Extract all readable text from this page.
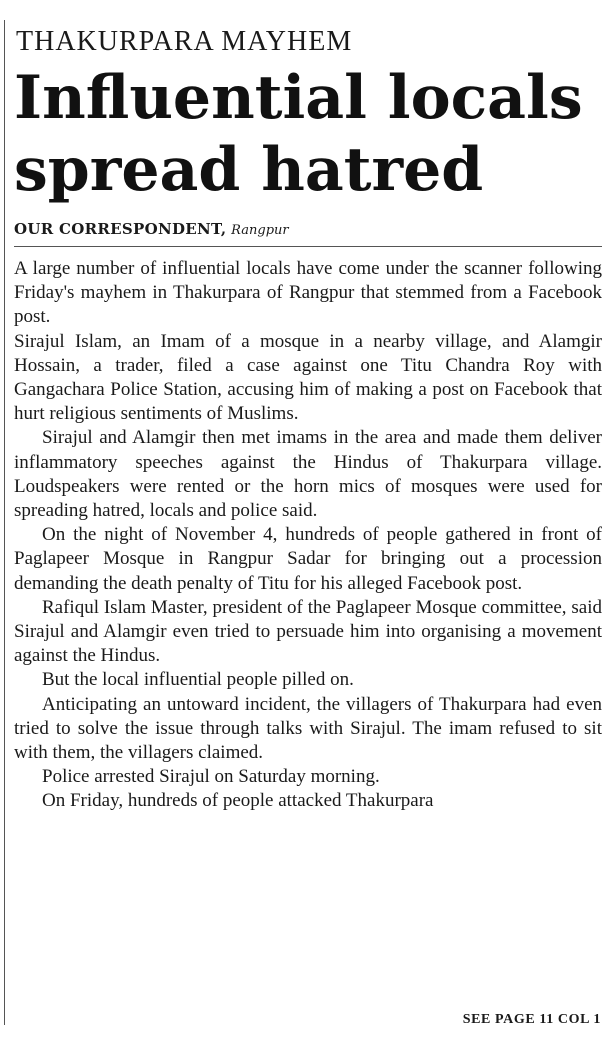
THAKURPARA MAYHEM
Influential locals
spread hatred
OUR CORRESPONDENT, Rangpur

A large number of influential locals have come under the scanner following Friday's mayhem in Thakurpara of Rangpur that stemmed from a Facebook post.

Sirajul Islam, an Imam of a mosque in a nearby village, and Alamgir Hossain, a trader, filed a case against one Titu Chandra Roy with Gangachara Police Station, accusing him of making a post on Facebook that hurt religious sentiments of Muslims.

Sirajul and Alamgir then met imams in the area and made them deliver inflammatory speeches against the Hindus of Thakurpara village. Loudspeakers were rented or the horn mics of mosques were used for spreading hatred, locals and police said.

On the night of November 4, hundreds of people gathered in front of Paglapeer Mosque in Rangpur Sadar for bringing out a procession demanding the death penalty of Titu for his alleged Facebook post.

Rafiqul Islam Master, president of the Paglapeer Mosque committee, said Sirajul and Alamgir even tried to persuade him into organising a movement against the Hindus.

But the local influential people pilled on.

Anticipating an untoward incident, the villagers of Thakurpara had even tried to solve the issue through talks with Sirajul. The imam refused to sit with them, the villagers claimed.

Police arrested Sirajul on Saturday morning.

On Friday, hundreds of people attacked Thakurpara

SEE PAGE 11 COL 1
